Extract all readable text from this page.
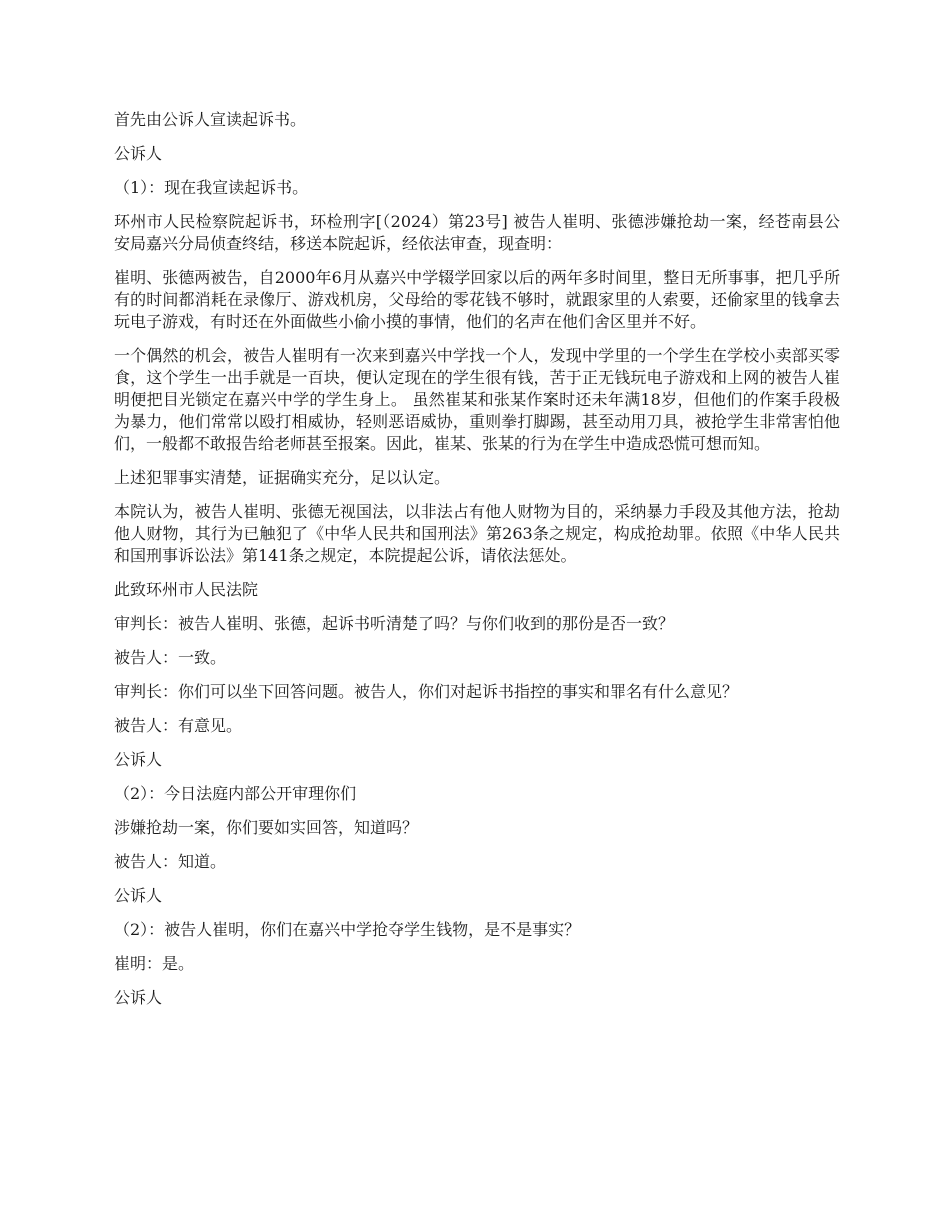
首先由公诉人宣读起诉书。

公诉人

（1）：现在我宣读起诉书。

环州市人民检察院起诉书，环检刑字[（2024）第23号] 被告人崔明、张德涉嫌抢劫一案，经苍南县公安局嘉兴分局侦查终结，移送本院起诉，经依法审查，现查明：

崔明、张德两被告，自2000年6月从嘉兴中学辍学回家以后的两年多时间里，整日无所事事，把几乎所有的时间都消耗在录像厅、游戏机房，父母给的零花钱不够时，就跟家里的人索要，还偷家里的钱拿去玩电子游戏，有时还在外面做些小偷小摸的事情，他们的名声在他们舍区里并不好。

一个偶然的机会，被告人崔明有一次来到嘉兴中学找一个人，发现中学里的一个学生在学校小卖部买零食，这个学生一出手就是一百块，便认定现在的学生很有钱，苦于正无钱玩电子游戏和上网的被告人崔明便把目光锁定在嘉兴中学的学生身上。 虽然崔某和张某作案时还未年满18岁，但他们的作案手段极为暴力，他们常常以殴打相威协，轻则恶语威协，重则拳打脚踢，甚至动用刀具，被抢学生非常害怕他们，一般都不敢报告给老师甚至报案。因此，崔某、张某的行为在学生中造成恐慌可想而知。

上述犯罪事实清楚，证据确实充分，足以认定。

本院认为，被告人崔明、张德无视国法，以非法占有他人财物为目的，采纳暴力手段及其他方法，抢劫他人财物，其行为已触犯了《中华人民共和国刑法》第263条之规定，构成抢劫罪。依照《中华人民共和国刑事诉讼法》第141条之规定，本院提起公诉，请依法惩处。

此致环州市人民法院

审判长：被告人崔明、张德，起诉书听清楚了吗？与你们收到的那份是否一致？

被告人：一致。

审判长：你们可以坐下回答问题。被告人，你们对起诉书指控的事实和罪名有什么意见？

被告人：有意见。

公诉人

（2）：今日法庭内部公开审理你们

涉嫌抢劫一案，你们要如实回答，知道吗？

被告人：知道。

公诉人

（2）：被告人崔明，你们在嘉兴中学抢夺学生钱物，是不是事实？

崔明：是。

公诉人
